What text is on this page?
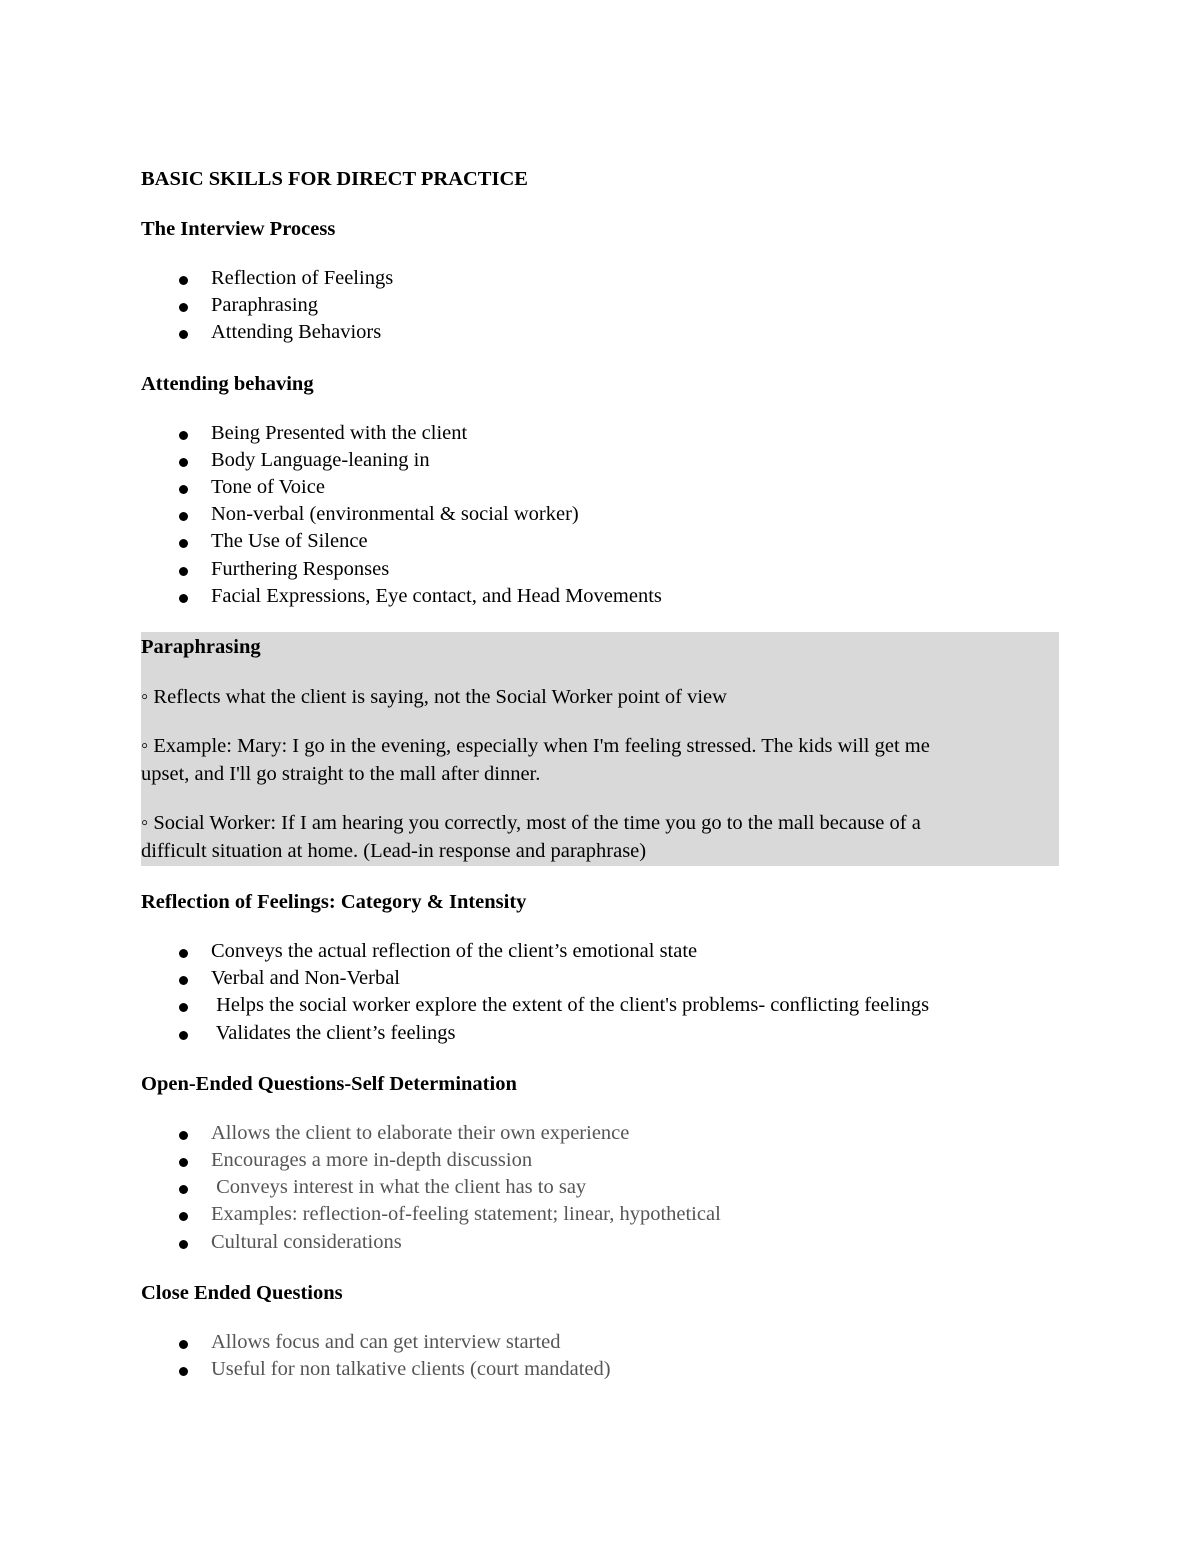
BASIC SKILLS FOR DIRECT PRACTICE
The Interview Process
Reflection of Feelings
Paraphrasing
Attending Behaviors
Attending behaving
Being Presented with the client
Body Language-leaning in
Tone of Voice
Non-verbal (environmental & social worker)
The Use of Silence
Furthering Responses
Facial Expressions, Eye contact, and Head Movements
Paraphrasing

◦ Reflects what the client is saying, not the Social Worker point of view

◦ Example: Mary: I go in the evening, especially when I'm feeling stressed. The kids will get me

upset, and I'll go straight to the mall after dinner.

◦ Social Worker: If I am hearing you correctly, most of the time you go to the mall because of a

difficult situation at home. (Lead-in response and paraphrase)

Reflection of Feelings: Category & Intensity
Conveys the actual reflection of the client’s emotional state
Verbal and Non-Verbal
Helps the social worker explore the extent of the client's problems- conflicting feelings
Validates the client’s feelings
Open-Ended Questions-Self Determination
Allows the client to elaborate their own experience
Encourages a more in-depth discussion
Conveys interest in what the client has to say
Examples: reflection-of-feeling statement; linear, hypothetical
Cultural considerations
Close Ended Questions
Allows focus and can get interview started
Useful for non talkative clients (court mandated)
